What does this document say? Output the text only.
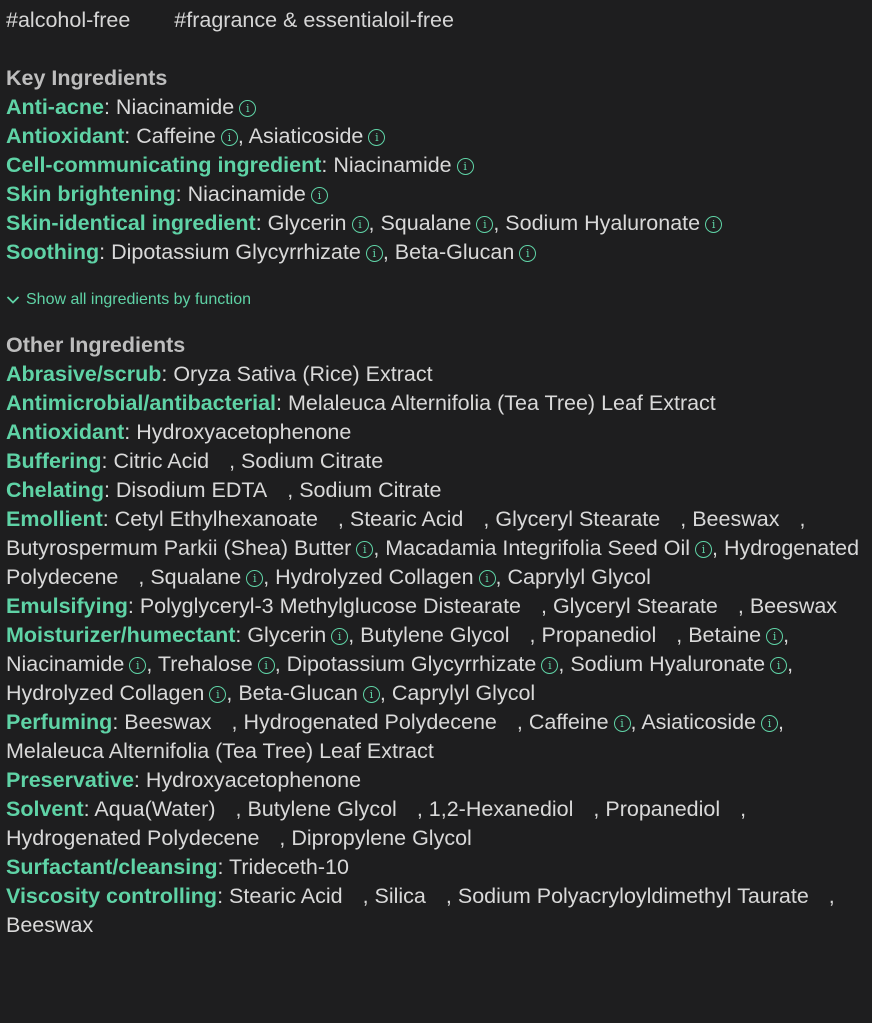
#alcohol-free #fragrance & essentialoil-free
Key Ingredients
Anti-acne: Niacinamide i
Antioxidant: Caffeine i , Asiaticoside i
Cell-communicating ingredient: Niacinamide i
Skin brightening: Niacinamide i
Skin-identical ingredient: Glycerin i , Squalane i , Sodium Hyaluronate i
Soothing: Dipotassium Glycyrrhizate i , Beta-Glucan i
Show all ingredients by function
Other Ingredients
Abrasive/scrub: Oryza Sativa (Rice) Extract
Antimicrobial/antibacterial: Melaleuca Alternifolia (Tea Tree) Leaf Extract
Antioxidant: Hydroxyacetophenone
Buffering: Citric Acid , Sodium Citrate
Chelating: Disodium EDTA , Sodium Citrate
Emollient: Cetyl Ethylhexanoate , Stearic Acid , Glyceryl Stearate , Beeswax , Butyrospermum Parkii (Shea) Butter i , Macadamia Integrifolia Seed Oil i , Hydrogenated Polydecene , Squalane i , Hydrolyzed Collagen i , Caprylyl Glycol
Emulsifying: Polyglyceryl-3 Methylglucose Distearate , Glyceryl Stearate , Beeswax
Moisturizer/humectant: Glycerin i , Butylene Glycol , Propanediol , Betaine i , Niacinamide i , Trehalose i , Dipotassium Glycyrrhizate i , Sodium Hyaluronate i , Hydrolyzed Collagen i , Beta-Glucan i , Caprylyl Glycol
Perfuming: Beeswax , Hydrogenated Polydecene , Caffeine i , Asiaticoside i , Melaleuca Alternifolia (Tea Tree) Leaf Extract
Preservative: Hydroxyacetophenone
Solvent: Aqua(Water) , Butylene Glycol , 1,2-Hexanediol , Propanediol , Hydrogenated Polydecene , Dipropylene Glycol
Surfactant/cleansing: Trideceth-10
Viscosity controlling: Stearic Acid , Silica , Sodium Polyacryloyldimethyl Taurate , Beeswax
